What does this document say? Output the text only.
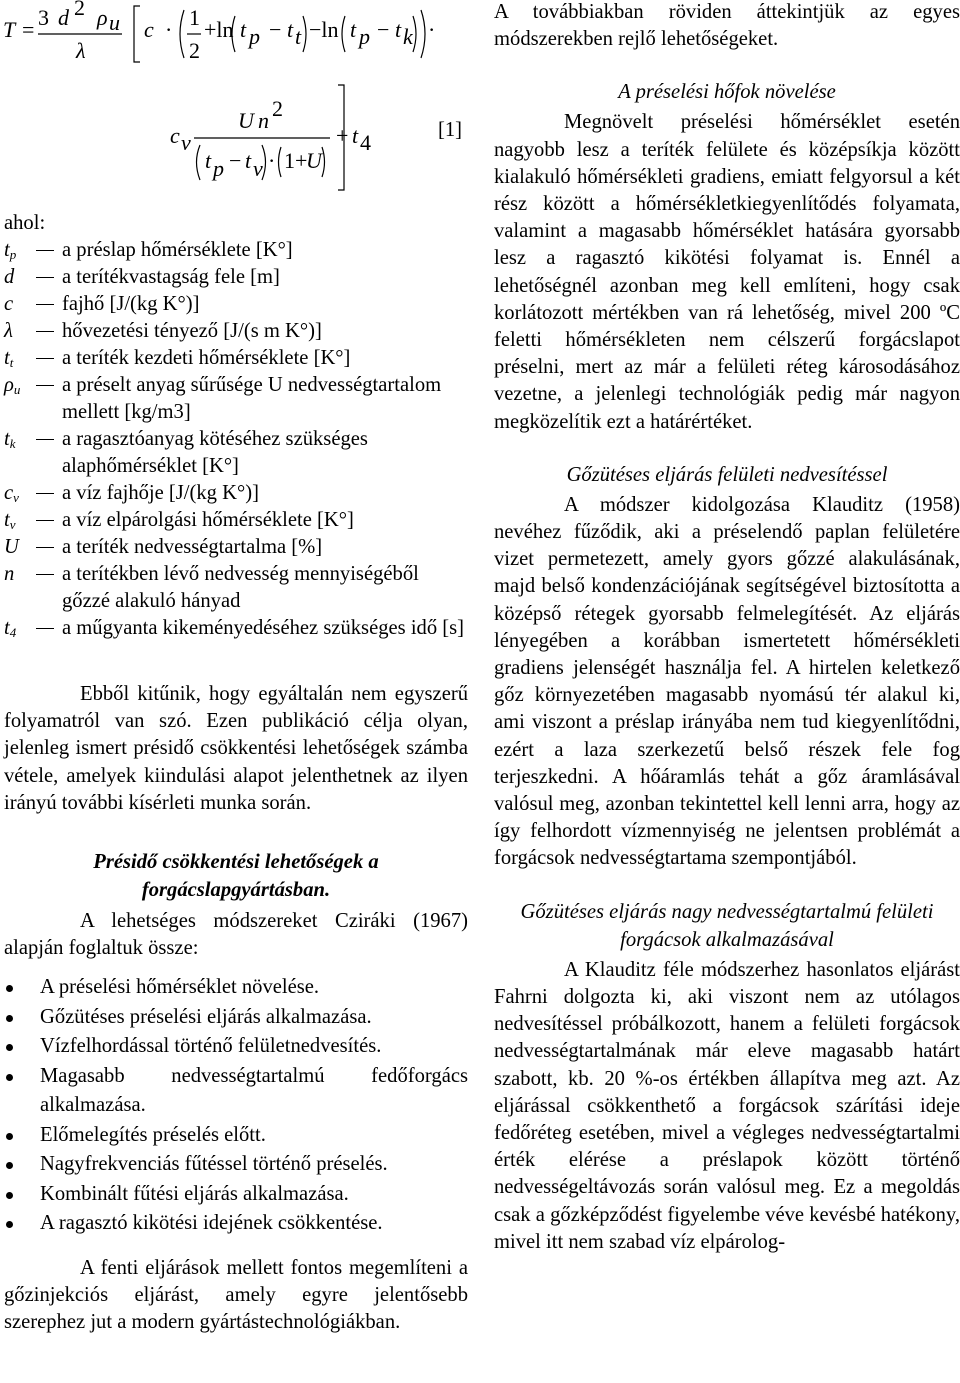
T = 3 d 2 ρ u
λ
c · 1
2
+ln t p − t t −ln t p − t k ·
c v
U n 2
t p − t v · 1+
U
+ t 4	[1]

ahol:

$t_p$ a préslap hőmérséklete [K°]
d a terítékvastagság fele [m]
c fajhő [J/(kg K°)]
λ hővezetési tényező [J/(s m K°)]
$t_t$ a teríték kezdeti hőmérséklete [K°]
$\rho_u$ a préselt anyag sűrűsége U nedvességtartalom mellett [kg/m3]
$t_k$ a ragasztóanyag kötéséhez szükséges alaphőmérséklet [K°]
$c_v$ a víz fajhője [J/(kg K°)]
$t_v$ a víz elpárolgási hőmérséklete [K°]
U a teríték nedvességtartalma [%]
n a terítékben lévő nedvesség mennyiségéből gőzzé alakuló hányad
$t_4$ a műgyanta kikeményedéséhez szükséges idő [s]

Ebből kitűnik, hogy egyáltalán nem egyszerű folyamatról van szó. Ezen publikáció célja olyan, jelenleg ismert présidő csökkentési lehetőségek számba vétele, amelyek kiindulási alapot jelenthetnek az ilyen irányú további kísérleti munka során.

Présidő csökkentési lehetőségek a forgácslapgyártásban.

A lehetséges módszereket Cziráki (1967) alapján foglaltuk össze:

A préselési hőmérséklet növelése.
Gőzütéses préselési eljárás alkalmazása.
Vízfelhordással történő felületnedvesítés.
Magasabb nedvességtartalmú fedőforgács alkalmazása.
Előmelegítés préselés előtt.
Nagyfrekvenciás fűtéssel történő préselés.
Kombinált fűtési eljárás alkalmazása.
A ragasztó kikötési idejének csökkentése.

A fenti eljárások mellett fontos megemlíteni a gőzinjekciós eljárást, amely egyre jelentősebb szerephez jut a modern gyártástechnológiákban.

A továbbiakban röviden áttekintjük az egyes módszerekben rejlő lehetőségeket.

A préselési hőfok növelése

Megnövelt préselési hőmérséklet esetén nagyobb lesz a teríték felülete és középsíkja között kialakuló hőmérsékleti gradiens, emiatt felgyorsul a két rész között a hőmérsékletkiegyenlítődés folyamata, valamint a magasabb hőmérséklet hatására gyorsabb lesz a ragasztó kikötési folyamat is. Ennél a lehetőségnél azonban meg kell említeni, hogy csak korlátozott mértékben van rá lehetőség, mivel 200 ºC feletti hőmérsékleten nem célszerű forgácslapot préselni, mert az már a felületi réteg károsodásához vezetne, a jelenlegi technológiák pedig már nagyon megközelítik ezt a határértéket.

Gőzütéses eljárás felületi nedvesítéssel

A módszer kidolgozása Klauditz (1958) nevéhez fűződik, aki a préselendő paplan felületére vizet permetezett, amely gyors gőzzé alakulásának, majd belső kondenzációjának segítségével biztosította a középső rétegek gyorsabb felmelegítését. Az eljárás lényegében a korábban ismertetett hőmérsékleti gradiens jelenségét használja fel. A hirtelen keletkező gőz környezetében magasabb nyomású tér alakul ki, ami viszont a préslap irányába nem tud kiegyenlítődni, ezért a laza szerkezetű belső részek fele fog terjeszkedni. A hőáramlás tehát a gőz áramlásával valósul meg, azonban tekintettel kell lenni arra, hogy az így felhordott vízmennyiség ne jelentsen problémát a forgácsok nedvességtartama szempontjából.

Gőzütéses eljárás nagy nedvességtartalmú felületi forgácsok alkalmazásával

A Klauditz féle módszerhez hasonlatos eljárást Fahrni dolgozta ki, aki viszont nem az utólagos nedvesítéssel próbálkozott, hanem a felületi forgácsok nedvességtartalmának már eleve magasabb határt szabott, kb. 20 %-os értékben állapítva meg azt. Az eljárással csökkenthető a forgácsok szárítási ideje fedőréteg esetében, mivel a végleges nedvességtartalmi érték elérése a préslapok között történő nedvességeltávozás során valósul meg. Ez a megoldás csak a gőzképződést figyelembe véve kevésbé hatékony, mivel itt nem szabad víz elpárolog-
